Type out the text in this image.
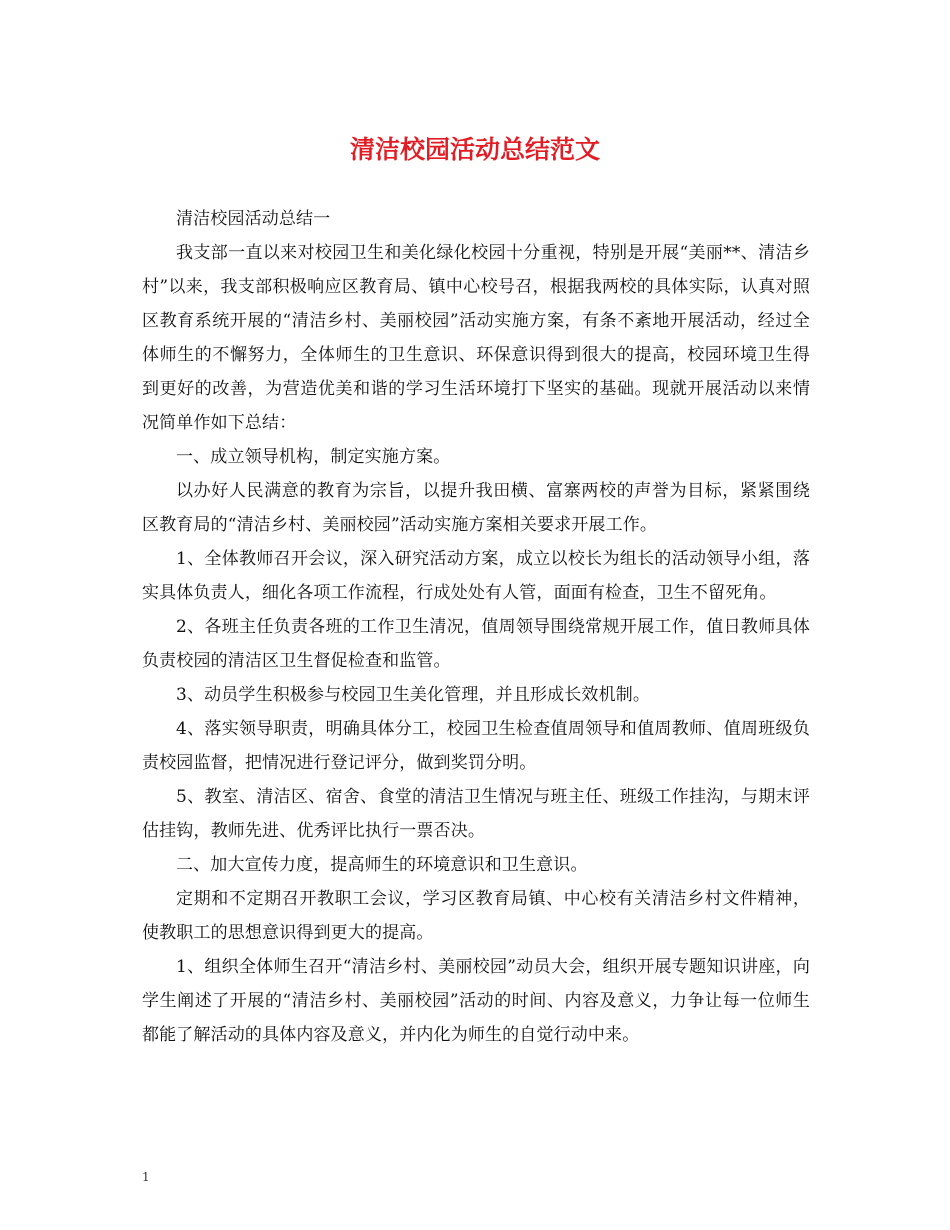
清洁校园活动总结范文

清洁校园活动总结一

我支部一直以来对校园卫生和美化绿化校园十分重视，特别是开展“美丽**、清洁乡村”以来，我支部积极响应区教育局、镇中心校号召，根据我两校的具体实际，认真对照区教育系统开展的“清洁乡村、美丽校园”活动实施方案，有条不紊地开展活动，经过全体师生的不懈努力，全体师生的卫生意识、环保意识得到很大的提高，校园环境卫生得到更好的改善，为营造优美和谐的学习生活环境打下坚实的基础。现就开展活动以来情况简单作如下总结：

一、成立领导机构，制定实施方案。

以办好人民满意的教育为宗旨，以提升我田横、富寨两校的声誉为目标，紧紧围绕区教育局的“清洁乡村、美丽校园”活动实施方案相关要求开展工作。

1、全体教师召开会议，深入研究活动方案，成立以校长为组长的活动领导小组，落实具体负责人，细化各项工作流程，行成处处有人管，面面有检查，卫生不留死角。

2、各班主任负责各班的工作卫生清况，值周领导围绕常规开展工作，值日教师具体负责校园的清洁区卫生督促检查和监管。

3、动员学生积极参与校园卫生美化管理，并且形成长效机制。

4、落实领导职责，明确具体分工，校园卫生检查值周领导和值周教师、值周班级负责校园监督，把情况进行登记评分，做到奖罚分明。

5、教室、清洁区、宿舍、食堂的清洁卫生情况与班主任、班级工作挂沟，与期末评估挂钩，教师先进、优秀评比执行一票否决。

二、加大宣传力度，提高师生的环境意识和卫生意识。

定期和不定期召开教职工会议，学习区教育局镇、中心校有关清洁乡村文件精神，使教职工的思想意识得到更大的提高。

1、组织全体师生召开“清洁乡村、美丽校园”动员大会，组织开展专题知识讲座，向学生阐述了开展的“清洁乡村、美丽校园”活动的时间、内容及意义，力争让每一位师生都能了解活动的具体内容及意义，并内化为师生的自觉行动中来。

1
